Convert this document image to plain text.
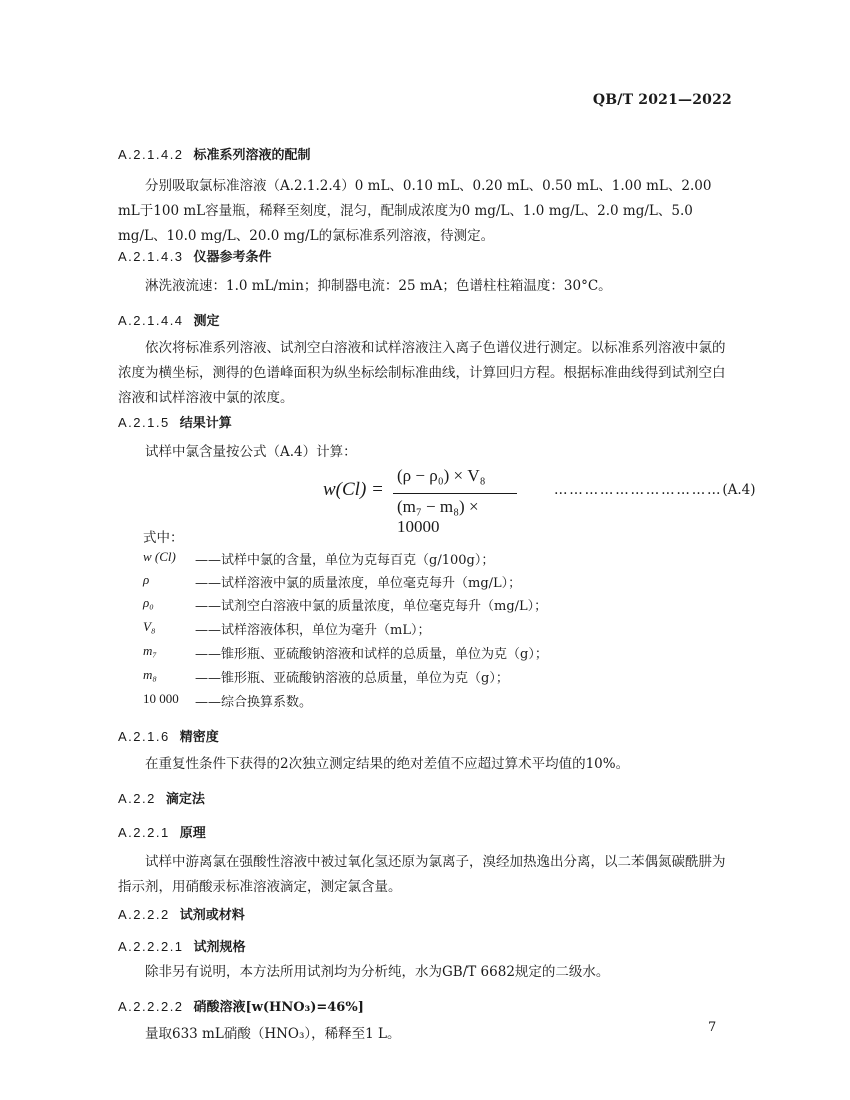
QB/T 2021—2022
A.2.1.4.2 标准系列溶液的配制
分别吸取氯标准溶液（A.2.1.2.4）0 mL、0.10 mL、0.20 mL、0.50 mL、1.00 mL、2.00 mL于100 mL容量瓶，稀释至刻度，混匀，配制成浓度为0 mg/L、1.0 mg/L、2.0 mg/L、5.0 mg/L、10.0 mg/L、20.0 mg/L的氯标准系列溶液，待测定。
A.2.1.4.3 仪器参考条件
淋洗液流速：1.0 mL/min；抑制器电流：25 mA；色谱柱柱箱温度：30°C。
A.2.1.4.4 测定
依次将标准系列溶液、试剂空白溶液和试样溶液注入离子色谱仪进行测定。以标准系列溶液中氯的浓度为横坐标，测得的色谱峰面积为纵坐标绘制标准曲线，计算回归方程。根据标准曲线得到试剂空白溶液和试样溶液中氯的浓度。
A.2.1.5 结果计算
试样中氯含量按公式（A.4）计算：
w(Cl) =
(ρ − ρ₀) × V₈
(m₇ − m₈) × 10000
……………………………(A.4)
式中：
w (Cl)	——试样中氯的含量，单位为克每百克（g/100g）；
ρ	——试样溶液中氯的质量浓度，单位毫克每升（mg/L）；
ρ₀	——试剂空白溶液中氯的质量浓度，单位毫克每升（mg/L）；
V₈	——试样溶液体积，单位为毫升（mL）；
m₇	——锥形瓶、亚硫酸钠溶液和试样的总质量，单位为克（g）；
m₈	——锥形瓶、亚硫酸钠溶液的总质量，单位为克（g）；
10 000	——综合换算系数。
A.2.1.6 精密度
在重复性条件下获得的2次独立测定结果的绝对差值不应超过算术平均值的10%。
A.2.2 滴定法
A.2.2.1 原理
试样中游离氯在强酸性溶液中被过氧化氢还原为氯离子，溴经加热逸出分离，以二苯偶氮碳酰肼为指示剂，用硝酸汞标准溶液滴定，测定氯含量。
A.2.2.2 试剂或材料
A.2.2.2.1 试剂规格
除非另有说明，本方法所用试剂均为分析纯，水为GB/T 6682规定的二级水。
A.2.2.2.2 硝酸溶液[w(HNO₃)=46%]
量取633 mL硝酸（HNO₃），稀释至1 L。	7
